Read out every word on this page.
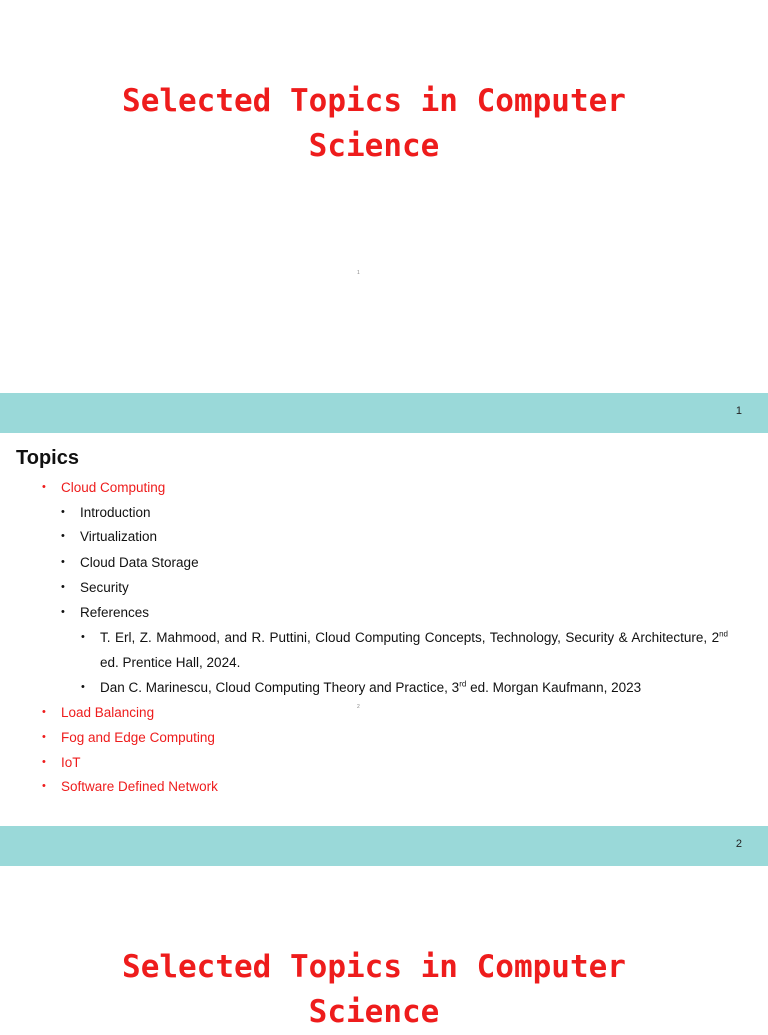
Selected Topics in Computer
Science
1
1
Topics
• Cloud Computing
• Introduction
• Virtualization
• Cloud Data Storage
• Security
• References
• T. Erl, Z. Mahmood, and R. Puttini, Cloud Computing Concepts, Technology, Security & Architecture, 2nd ed. Prentice Hall, 2024.
• Dan C. Marinescu, Cloud Computing Theory and Practice, 3rd ed. Morgan Kaufmann, 2023
2
• Load Balancing
• Fog and Edge Computing
• IoT
• Software Defined Network
2
Selected Topics in Computer
Science
